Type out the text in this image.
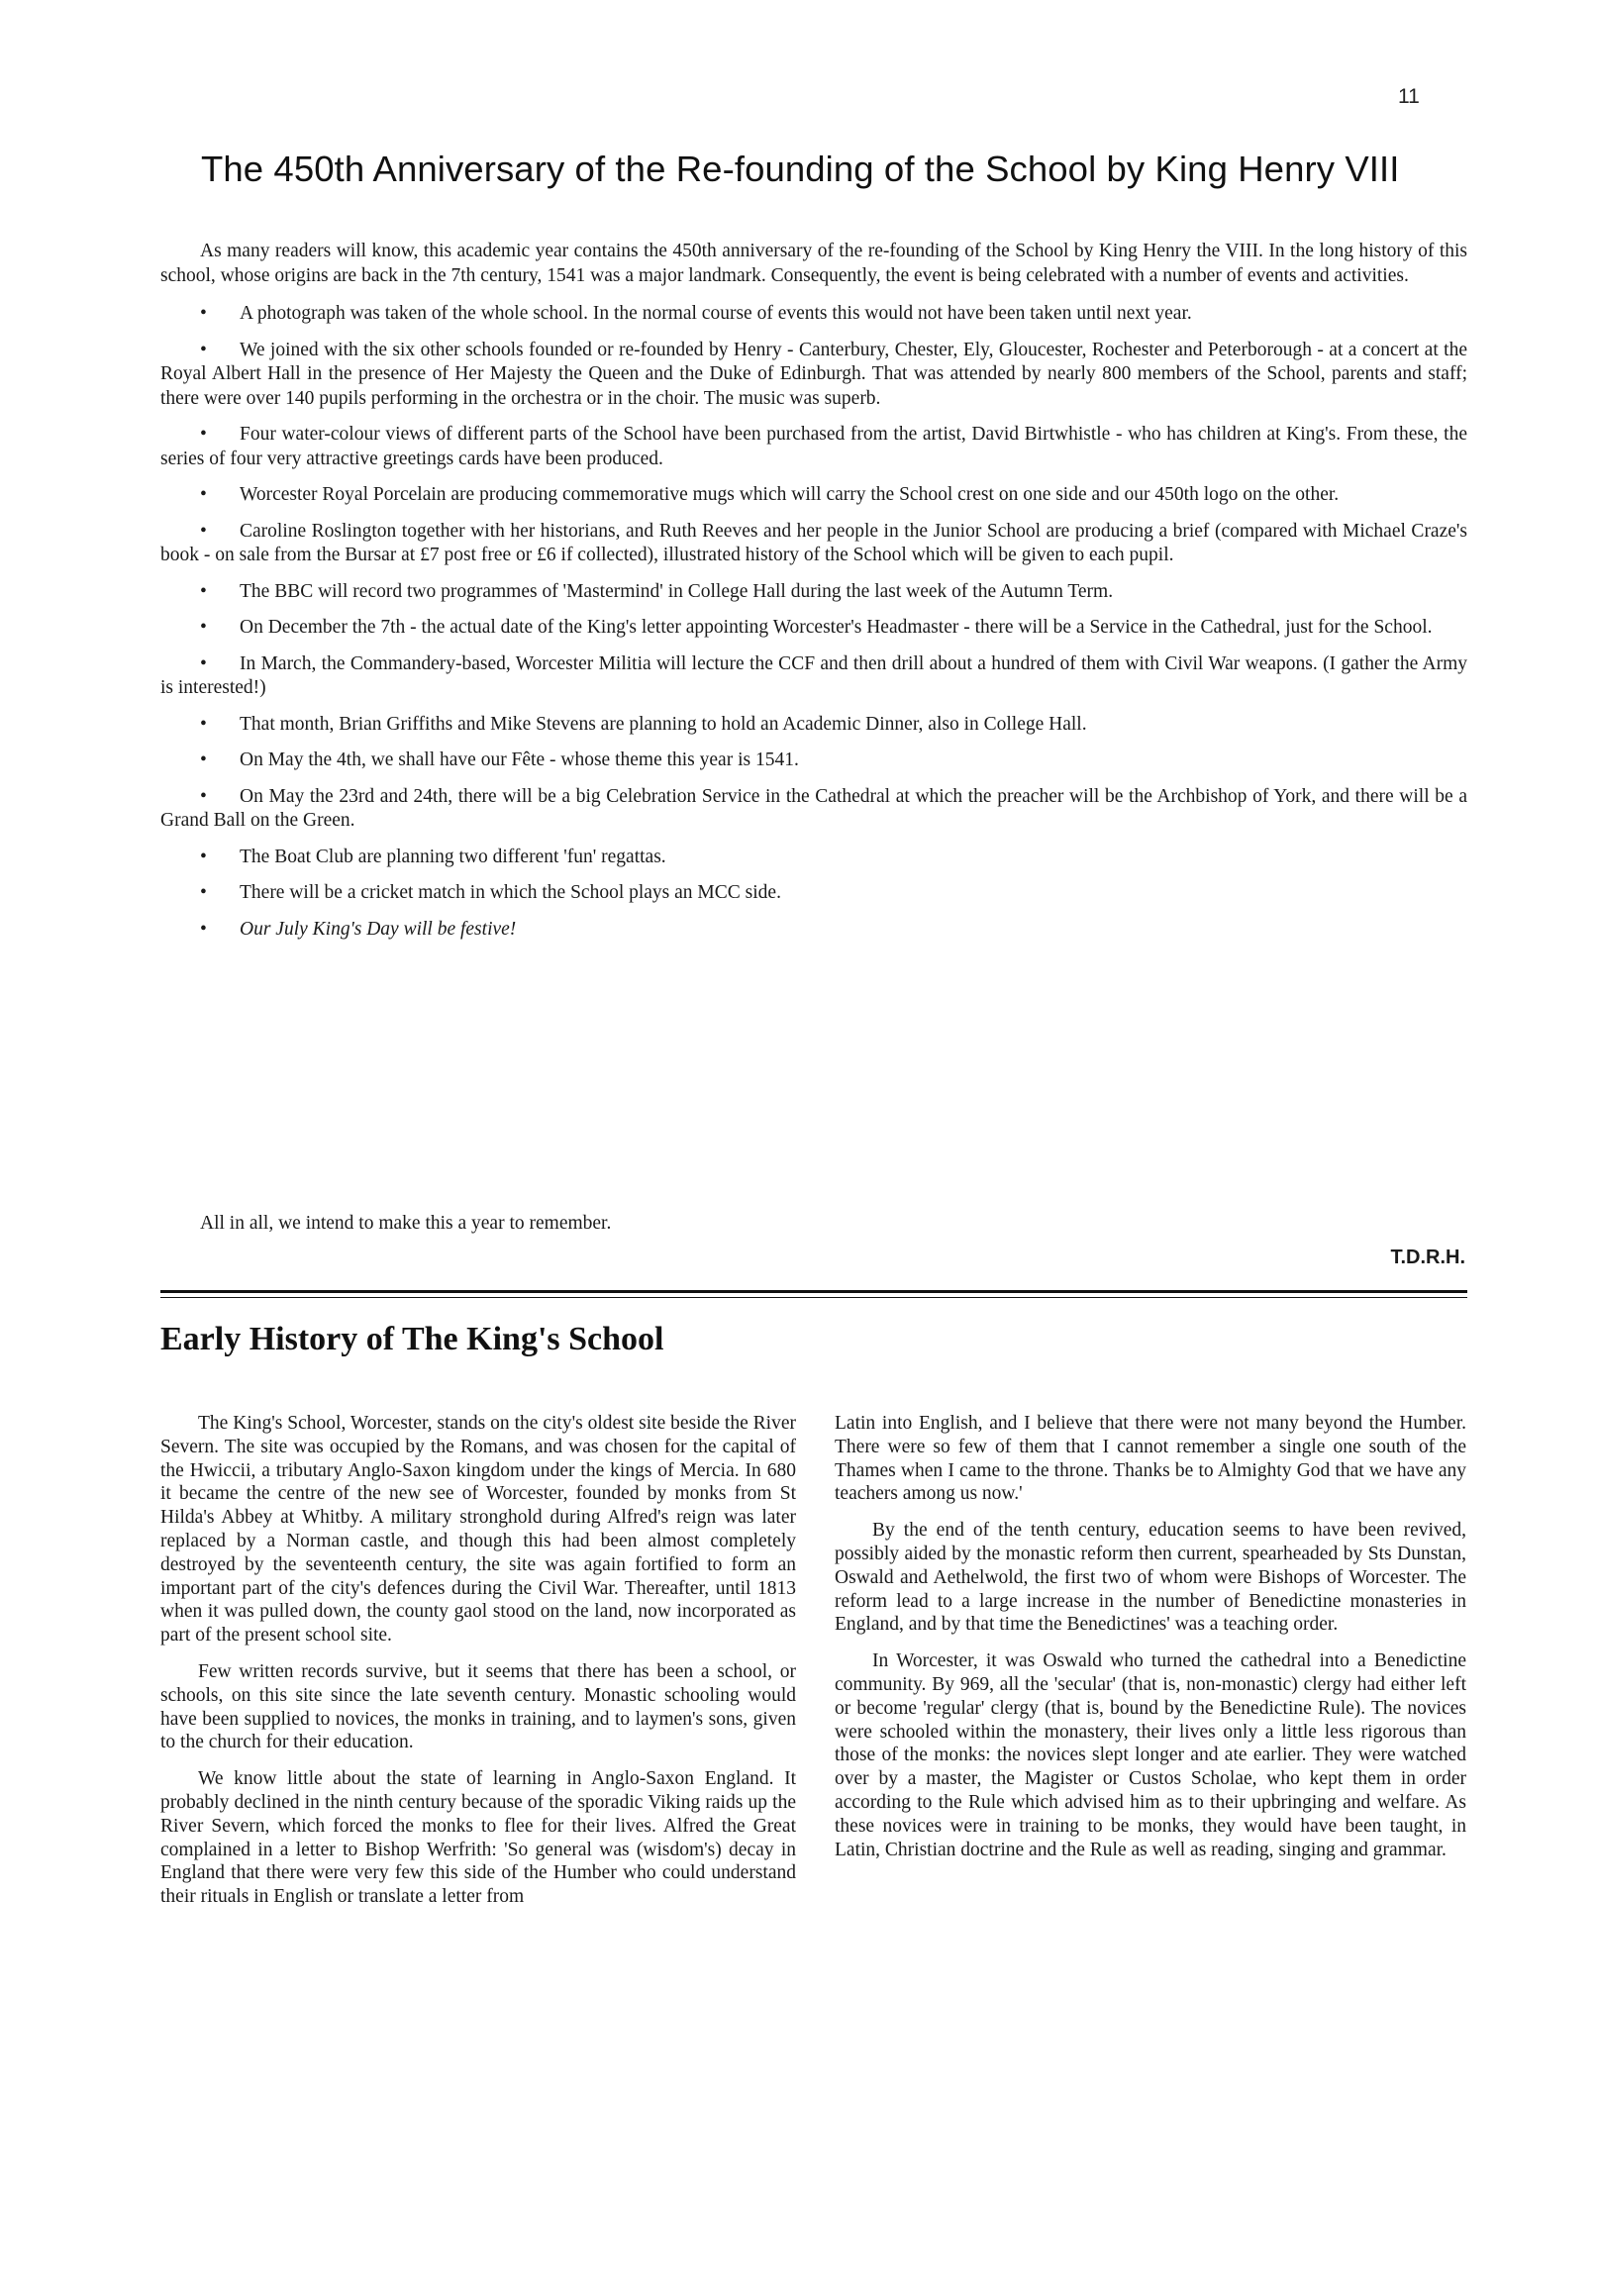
11
The 450th Anniversary of the Re-founding of the School by King Henry VIII

As many readers will know, this academic year contains the 450th anniversary of the re-founding of the School by King Henry the VIII. In the long history of this school, whose origins are back in the 7th century, 1541 was a major landmark. Consequently, the event is being celebrated with a number of events and activities.

• A photograph was taken of the whole school. In the normal course of events this would not have been taken until next year.

• We joined with the six other schools founded or re-founded by Henry - Canterbury, Chester, Ely, Gloucester, Rochester and Peterborough - at a concert at the Royal Albert Hall in the presence of Her Majesty the Queen and the Duke of Edinburgh. That was attended by nearly 800 members of the School, parents and staff; there were over 140 pupils performing in the orchestra or in the choir. The music was superb.

• Four water-colour views of different parts of the School have been purchased from the artist, David Birtwhistle - who has children at King's. From these, the series of four very attractive greetings cards have been produced.

• Worcester Royal Porcelain are producing commemorative mugs which will carry the School crest on one side and our 450th logo on the other.

• Caroline Roslington together with her historians, and Ruth Reeves and her people in the Junior School are producing a brief (compared with Michael Craze's book - on sale from the Bursar at £7 post free or £6 if collected), illustrated history of the School which will be given to each pupil.

• The BBC will record two programmes of 'Mastermind' in College Hall during the last week of the Autumn Term.

• On December the 7th - the actual date of the King's letter appointing Worcester's Headmaster - there will be a Service in the Cathedral, just for the School.

• In March, the Commandery-based, Worcester Militia will lecture the CCF and then drill about a hundred of them with Civil War weapons. (I gather the Army is interested!)

• That month, Brian Griffiths and Mike Stevens are planning to hold an Academic Dinner, also in College Hall.

• On May the 4th, we shall have our Fête - whose theme this year is 1541.

• On May the 23rd and 24th, there will be a big Celebration Service in the Cathedral at which the preacher will be the Archbishop of York, and there will be a Grand Ball on the Green.

• The Boat Club are planning two different 'fun' regattas.

• There will be a cricket match in which the School plays an MCC side.

• Our July King's Day will be festive!

All in all, we intend to make this a year to remember.

T.D.R.H.
Early History of The King's School

The King's School, Worcester, stands on the city's oldest site beside the River Severn. The site was occupied by the Romans, and was chosen for the capital of the Hwiccii, a tributary Anglo-Saxon kingdom under the kings of Mercia. In 680 it became the centre of the new see of Worcester, founded by monks from St Hilda's Abbey at Whitby. A military stronghold during Alfred's reign was later replaced by a Norman castle, and though this had been almost completely destroyed by the seventeenth century, the site was again fortified to form an important part of the city's defences during the Civil War. Thereafter, until 1813 when it was pulled down, the county gaol stood on the land, now incorporated as part of the present school site.

Few written records survive, but it seems that there has been a school, or schools, on this site since the late seventh century. Monastic schooling would have been supplied to novices, the monks in training, and to laymen's sons, given to the church for their education.

We know little about the state of learning in Anglo-Saxon England. It probably declined in the ninth century because of the sporadic Viking raids up the River Severn, which forced the monks to flee for their lives. Alfred the Great complained in a letter to Bishop Werfrith: 'So general was (wisdom's) decay in England that there were very few this side of the Humber who could understand their rituals in English or translate a letter from

Latin into English, and I believe that there were not many beyond the Humber. There were so few of them that I cannot remember a single one south of the Thames when I came to the throne. Thanks be to Almighty God that we have any teachers among us now.'

By the end of the tenth century, education seems to have been revived, possibly aided by the monastic reform then current, spearheaded by Sts Dunstan, Oswald and Aethelwold, the first two of whom were Bishops of Worcester. The reform lead to a large increase in the number of Benedictine monasteries in England, and by that time the Benedictines' was a teaching order.

In Worcester, it was Oswald who turned the cathedral into a Benedictine community. By 969, all the 'secular' (that is, non-monastic) clergy had either left or become 'regular' clergy (that is, bound by the Benedictine Rule). The novices were schooled within the monastery, their lives only a little less rigorous than those of the monks: the novices slept longer and ate earlier. They were watched over by a master, the Magister or Custos Scholae, who kept them in order according to the Rule which advised him as to their upbringing and welfare. As these novices were in training to be monks, they would have been taught, in Latin, Christian doctrine and the Rule as well as reading, singing and grammar.
